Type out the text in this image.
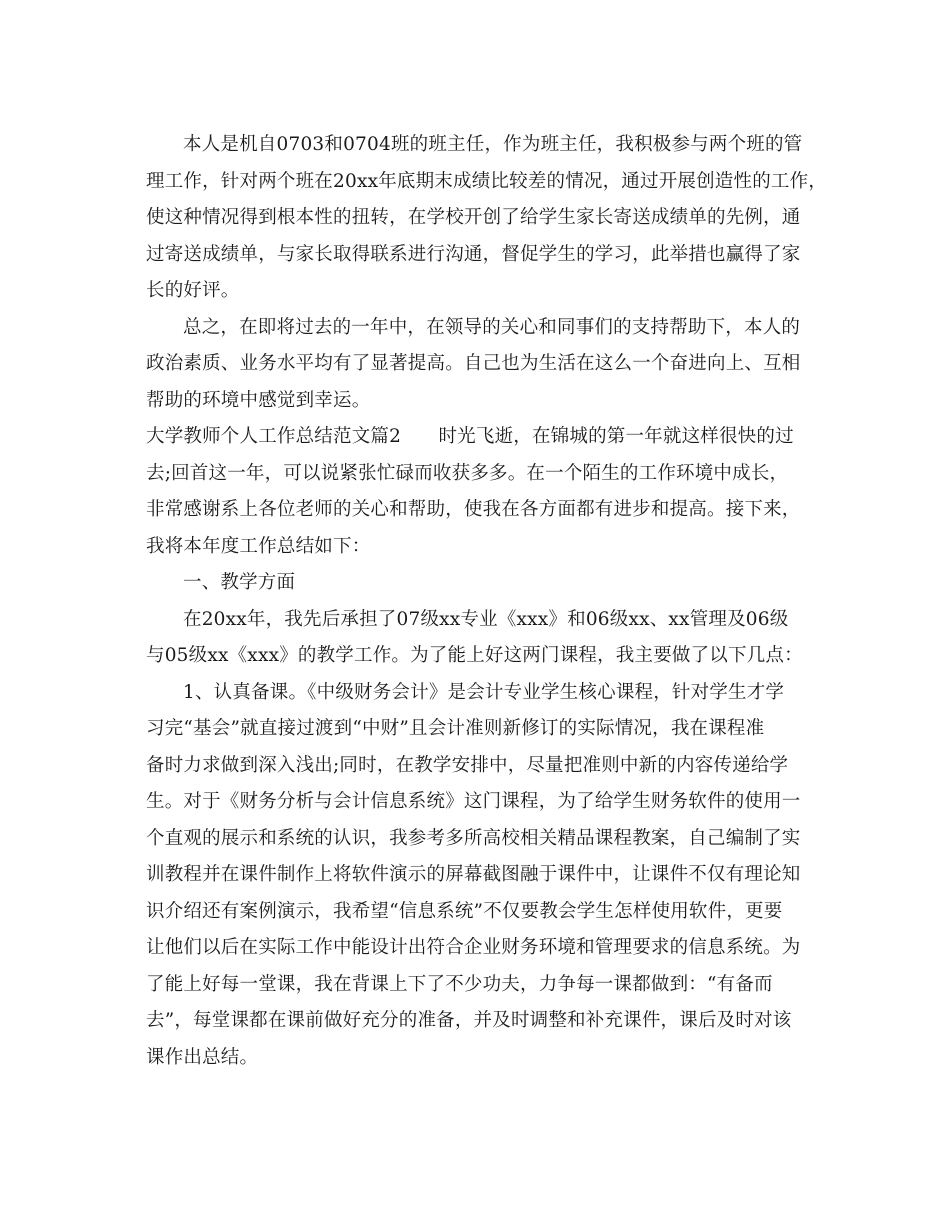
本人是机自0703和0704班的班主任，作为班主任，我积极参与两个班的管
理工作，针对两个班在20xx年底期末成绩比较差的情况，通过开展创造性的工作，
使这种情况得到根本性的扭转，在学校开创了给学生家长寄送成绩单的先例，通
过寄送成绩单，与家长取得联系进行沟通，督促学生的学习，此举措也赢得了家
长的好评。
总之，在即将过去的一年中，在领导的关心和同事们的支持帮助下，本人的
政治素质、业务水平均有了显著提高。自己也为生活在这么一个奋进向上、互相
帮助的环境中感觉到幸运。
大学教师个人工作总结范文篇2　　时光飞逝，在锦城的第一年就这样很快的过
去;回首这一年，可以说紧张忙碌而收获多多。在一个陌生的工作环境中成长，
非常感谢系上各位老师的关心和帮助，使我在各方面都有进步和提高。接下来，
我将本年度工作总结如下：
一、教学方面
在20xx年，我先后承担了07级xx专业《xxx》和06级xx、xx管理及06级
与05级xx《xxx》的教学工作。为了能上好这两门课程，我主要做了以下几点：
1、认真备课。《中级财务会计》是会计专业学生核心课程，针对学生才学
习完“基会”就直接过渡到“中财”且会计准则新修订的实际情况，我在课程准
备时力求做到深入浅出;同时，在教学安排中，尽量把准则中新的内容传递给学
生。对于《财务分析与会计信息系统》这门课程，为了给学生财务软件的使用一
个直观的展示和系统的认识，我参考多所高校相关精品课程教案，自己编制了实
训教程并在课件制作上将软件演示的屏幕截图融于课件中，让课件不仅有理论知
识介绍还有案例演示，我希望“信息系统”不仅要教会学生怎样使用软件，更要
让他们以后在实际工作中能设计出符合企业财务环境和管理要求的信息系统。为
了能上好每一堂课，我在背课上下了不少功夫，力争每一课都做到：“有备而
去”，每堂课都在课前做好充分的准备，并及时调整和补充课件，课后及时对该
课作出总结。
